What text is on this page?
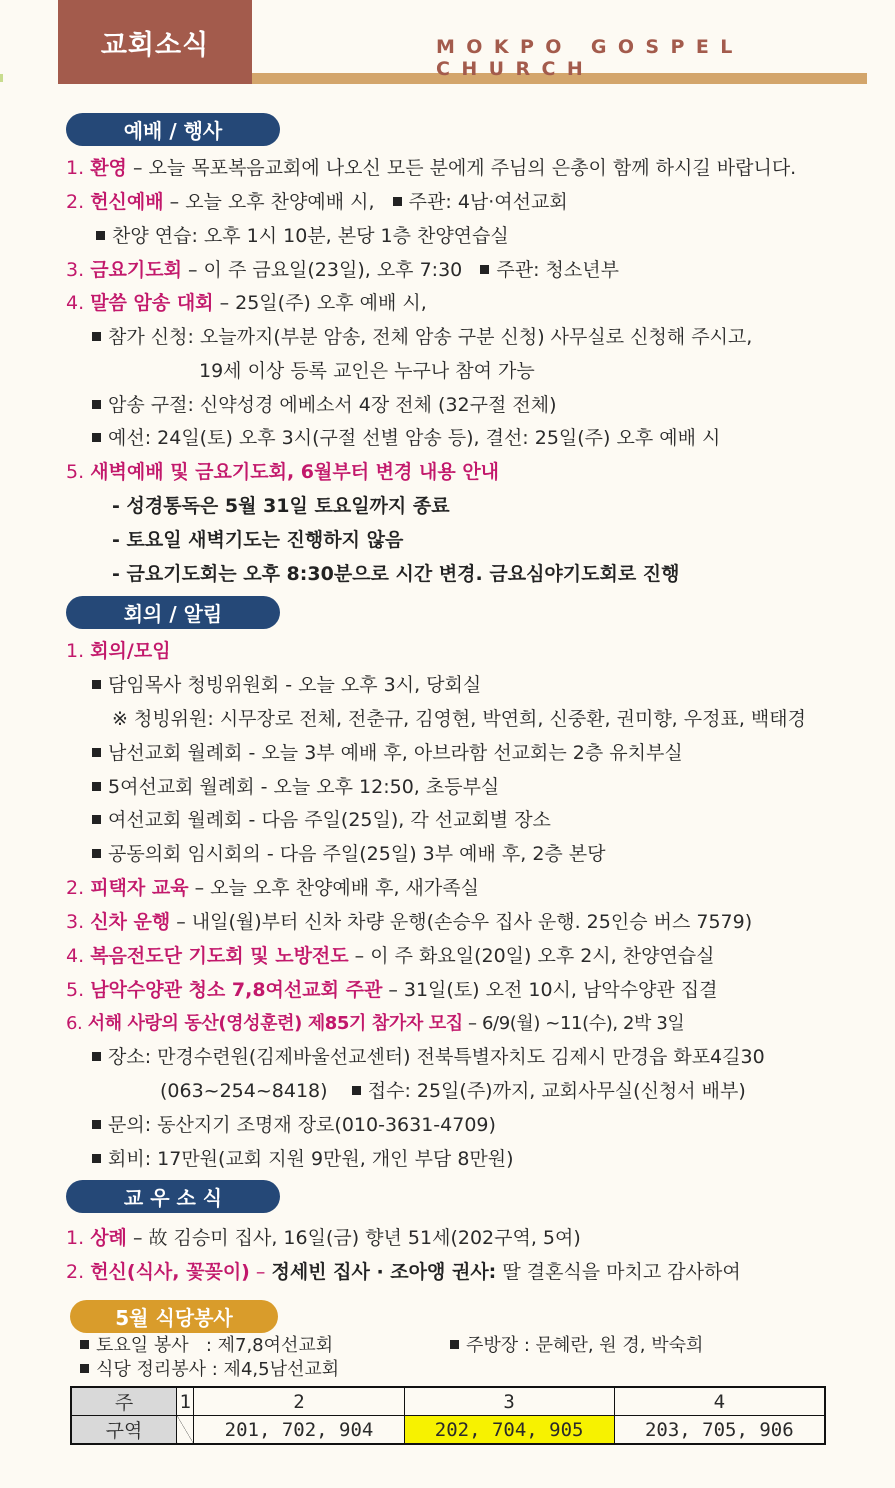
교회소식	MOKPO GOSPEL CHURCH
예배 / 행사
1. 환영 – 오늘 목포복음교회에 나오신 모든 분에게 주님의 은총이 함께 하시길 바랍니다.
2. 헌신예배 – 오늘 오후 찬양예배 시, 주관: 4남·여선교회
찬양 연습: 오후 1시 10분, 본당 1층 찬양연습실
3. 금요기도회 – 이 주 금요일(23일), 오후 7:30 주관: 청소년부
4. 말씀 암송 대회 – 25일(주) 오후 예배 시,
참가 신청: 오늘까지(부분 암송, 전체 암송 구분 신청) 사무실로 신청해 주시고,
19세 이상 등록 교인은 누구나 참여 가능
암송 구절: 신약성경 에베소서 4장 전체 (32구절 전체)
예선: 24일(토) 오후 3시(구절 선별 암송 등), 결선: 25일(주) 오후 예배 시
5. 새벽예배 및 금요기도회, 6월부터 변경 내용 안내
- 성경통독은 5월 31일 토요일까지 종료
- 토요일 새벽기도는 진행하지 않음
- 금요기도회는 오후 8:30분으로 시간 변경. 금요심야기도회로 진행
회의 / 알림
1. 회의/모임
담임목사 청빙위원회 - 오늘 오후 3시, 당회실
※ 청빙위원: 시무장로 전체, 전춘규, 김영현, 박연희, 신중환, 권미향, 우정표, 백태경
남선교회 월례회 - 오늘 3부 예배 후, 아브라함 선교회는 2층 유치부실
5여선교회 월례회 - 오늘 오후 12:50, 초등부실
여선교회 월례회 - 다음 주일(25일), 각 선교회별 장소
공동의회 임시회의 - 다음 주일(25일) 3부 예배 후, 2층 본당
2. 피택자 교육 – 오늘 오후 찬양예배 후, 새가족실
3. 신차 운행 – 내일(월)부터 신차 차량 운행(손승우 집사 운행. 25인승 버스 7579)
4. 복음전도단 기도회 및 노방전도 – 이 주 화요일(20일) 오후 2시, 찬양연습실
5. 남악수양관 청소 7,8여선교회 주관 – 31일(토) 오전 10시, 남악수양관 집결
6. 서해 사랑의 동산(영성훈련) 제85기 참가자 모집 – 6/9(월) ~11(수), 2박 3일
장소: 만경수련원(김제바울선교센터) 전북특별자치도 김제시 만경읍 화포4길30
(063~254~8418) 접수: 25일(주)까지, 교회사무실(신청서 배부)
문의: 동산지기 조명재 장로(010-3631-4709)
회비: 17만원(교회 지원 9만원, 개인 부담 8만원)
교 우 소 식
1. 상례 – 故 김승미 집사, 16일(금) 향년 51세(202구역, 5여)
2. 헌신(식사, 꽃꽂이) – 정세빈 집사 · 조아앵 권사: 딸 결혼식을 마치고 감사하여
5월 식당봉사
토요일 봉사   : 제7,8여선교회	주방장 : 문혜란, 원 경, 박숙희
식당 정리봉사 : 제4,5남선교회
주	1	2	3	4
구역		201, 702, 904	202, 704, 905	203, 705, 906
